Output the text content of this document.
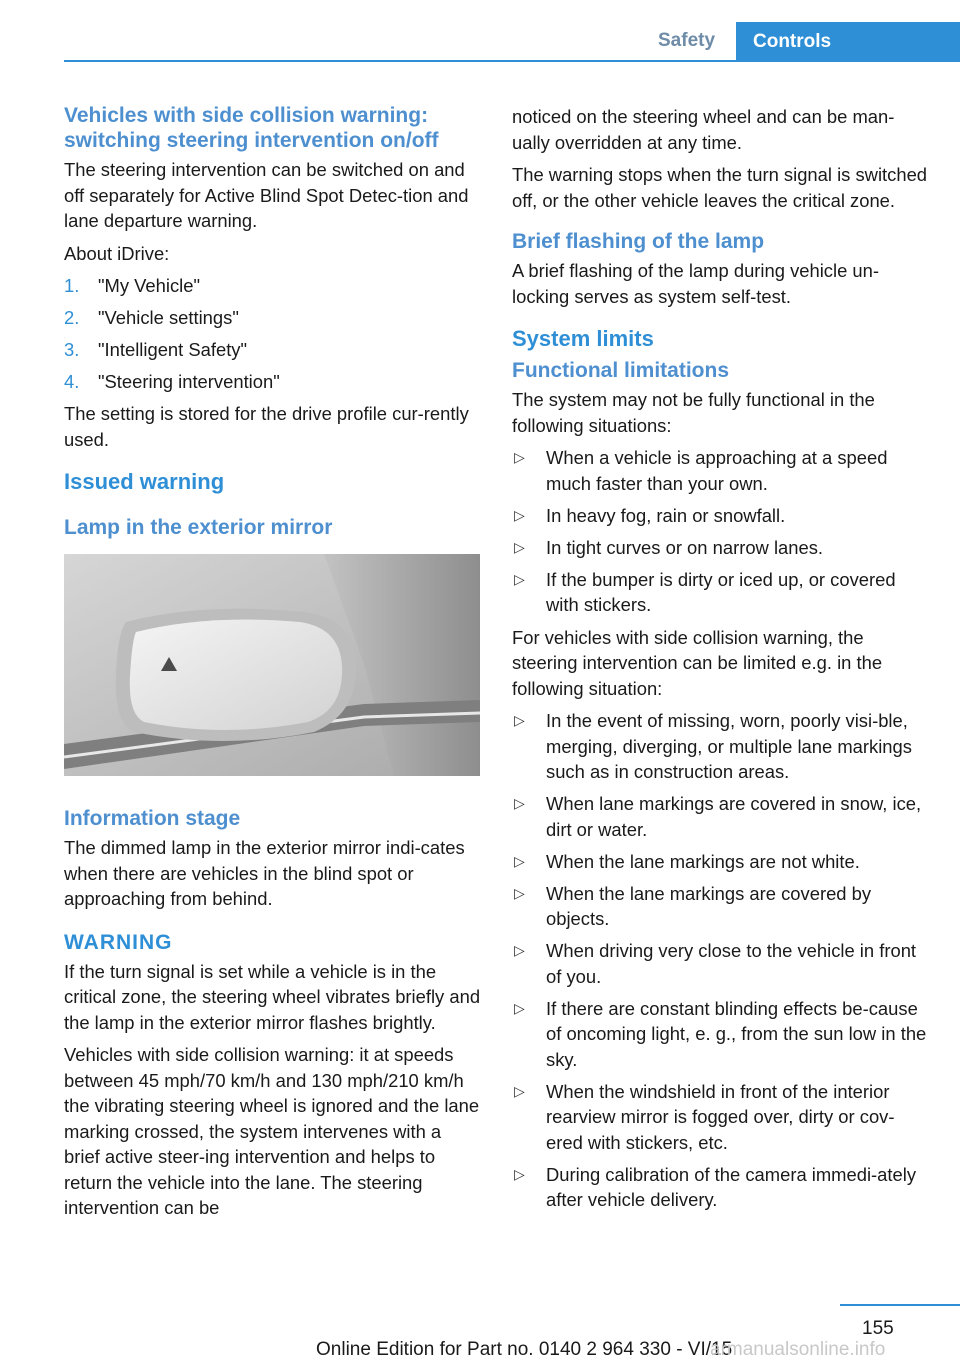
Safety	Controls
Vehicles with side collision warning: switching steering intervention on/off

The steering intervention can be switched on and off separately for Active Blind Spot Detec‐tion and lane departure warning.

About iDrive:

1.	"My Vehicle"
2.	"Vehicle settings"
3.	"Intelligent Safety"
4.	"Steering intervention"

The setting is stored for the drive profile cur‐rently used.

Issued warning
Lamp in the exterior mirror
Information stage

The dimmed lamp in the exterior mirror indi‐cates when there are vehicles in the blind spot or approaching from behind.

WARNING

If the turn signal is set while a vehicle is in the critical zone, the steering wheel vibrates briefly and the lamp in the exterior mirror flashes brightly.

Vehicles with side collision warning: it at speeds between 45 mph/70 km/h and 130 mph/210 km/h the vibrating steering wheel is ignored and the lane marking crossed, the system intervenes with a brief active steer‐ing intervention and helps to return the vehicle into the lane. The steering intervention can be

noticed on the steering wheel and can be man‐ually overridden at any time.

The warning stops when the turn signal is switched off, or the other vehicle leaves the critical zone.

Brief flashing of the lamp

A brief flashing of the lamp during vehicle un‐locking serves as system self-test.

System limits
Functional limitations

The system may not be fully functional in the following situations:

▷	When a vehicle is approaching at a speed much faster than your own.
▷	In heavy fog, rain or snowfall.
▷	In tight curves or on narrow lanes.
▷	If the bumper is dirty or iced up, or covered with stickers.

For vehicles with side collision warning, the steering intervention can be limited e.g. in the following situation:

▷	In the event of missing, worn, poorly visi‐ble, merging, diverging, or multiple lane markings such as in construction areas.
▷	When lane markings are covered in snow, ice, dirt or water.
▷	When the lane markings are not white.
▷	When the lane markings are covered by objects.
▷	When driving very close to the vehicle in front of you.
▷	If there are constant blinding effects be‐cause of oncoming light, e. g., from the sun low in the sky.
▷	When the windshield in front of the interior rearview mirror is fogged over, dirty or cov‐ered with stickers, etc.
▷	During calibration of the camera immedi‐ately after vehicle delivery.
155
Online Edition for Part no. 0140 2 964 330 - VI/15
armanualsonline.info
